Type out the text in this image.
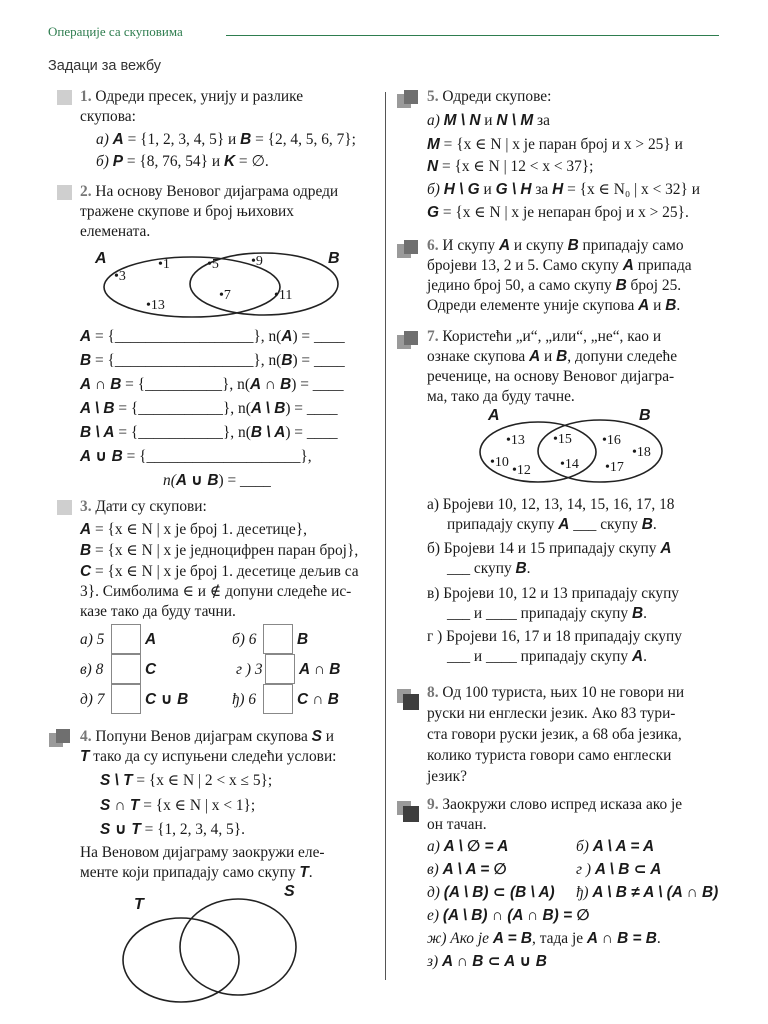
Операције са скуповима
Задаци за вежбу
1. Одреди пресек, унију и разлике
скупова:
а) A = {1, 2, 3, 4, 5} и B = {2, 4, 5, 6, 7};
б) P = {8, 76, 54} и K = ∅.
2. На основу Веновог дијаграма одреди
тражене скупове и број њихових
елемената.
A	B
•3
•1
•13
•5
•7
•9
•11
A = {__________________}, n(A) = ____
B = {__________________}, n(B) = ____
A ∩ B = {__________}, n(A ∩ B) = ____
A \ B = {___________}, n(A \ B) = ____
B \ A = {___________}, n(B \ A) = ____
A ∪ B = {____________________},
n(A ∪ B) = ____
3. Дати су скупови:
A = {x ∈ N | x је број 1. десетице},
B = {x ∈ N | x је једноцифрен паран број},
C = {x ∈ N | x је број 1. десетице дељив са
3}. Симболима ∈ и ∉ допуни следеће ис-
казе тако да буду тачни.
а) 5	A	б) 6	B
в) 8	C	г ) 3 A ∩ B
д) 7	C ∪ B	ђ) 6	C ∩ B
4. Попуни Венов дијаграм скупова S и
T тако да су испуњени следећи услови:
S \ T = {x ∈ N | 2 < x ≤ 5};
S ∩ T = {x ∈ N | x < 1};
S ∪ T = {1, 2, 3, 4, 5}.
На Веновом дијаграму заокружи еле-
менте који припадају само скупу T.
S
T
5. Одреди скупове:
а) M \ N и N \ M за
M = {x ∈ N | x је паран број и x > 25} и
N = {x ∈ N | 12 < x < 37};
б) H \ G и G \ H за H = {x ∈ N₀ | x < 32} и
G = {x ∈ N | x је непаран број и x > 25}.
6. И скупу A и скупу B припадају само
бројеви 13, 2 и 5. Само скупу A припада
једино број 50, а само скупу B број 25.
Одреди елементе уније скупова A и B.
7. Користећи „и“, „или“, „не“, као и
ознаке скупова A и B, допуни следеће
реченице, на основу Веновог дијагра-
ма, тако да буду тачне.
A	B
•13
•10
•12
•15
•14
•16
•18
•17
а) Бројеви 10, 12, 13, 14, 15, 16, 17, 18
припадају скупу A ___ скупу B.
б) Бројеви 14 и 15 припадају скупу A
___ скупу B.
в) Бројеви 10, 12 и 13 припадају скупу
___ и ____ припадају скупу B.
г ) Бројеви 16, 17 и 18 припадају скупу
___ и ____ припадају скупу A.
8. Од 100 туриста, њих 10 не говори ни
руски ни енглески језик. Ако 83 тури-
ста говори руски језик, а 68 оба језика,
колико туриста говори само енглески
језик?
9. Заокружи слово испред исказа ако је
он тачан.
а) A \ ∅ = A	б) A \ A = A
в) A \ A = ∅	г ) A \ B ⊂ A
д) (A \ B) ⊂ (B \ A) ђ) A \ B ≠ A \ (A ∩ B)
е) (A \ B) ∩ (A ∩ B) = ∅
ж) Ако је A = B, тада је A ∩ B = B.
з) A ∩ B ⊂ A ∪ B
